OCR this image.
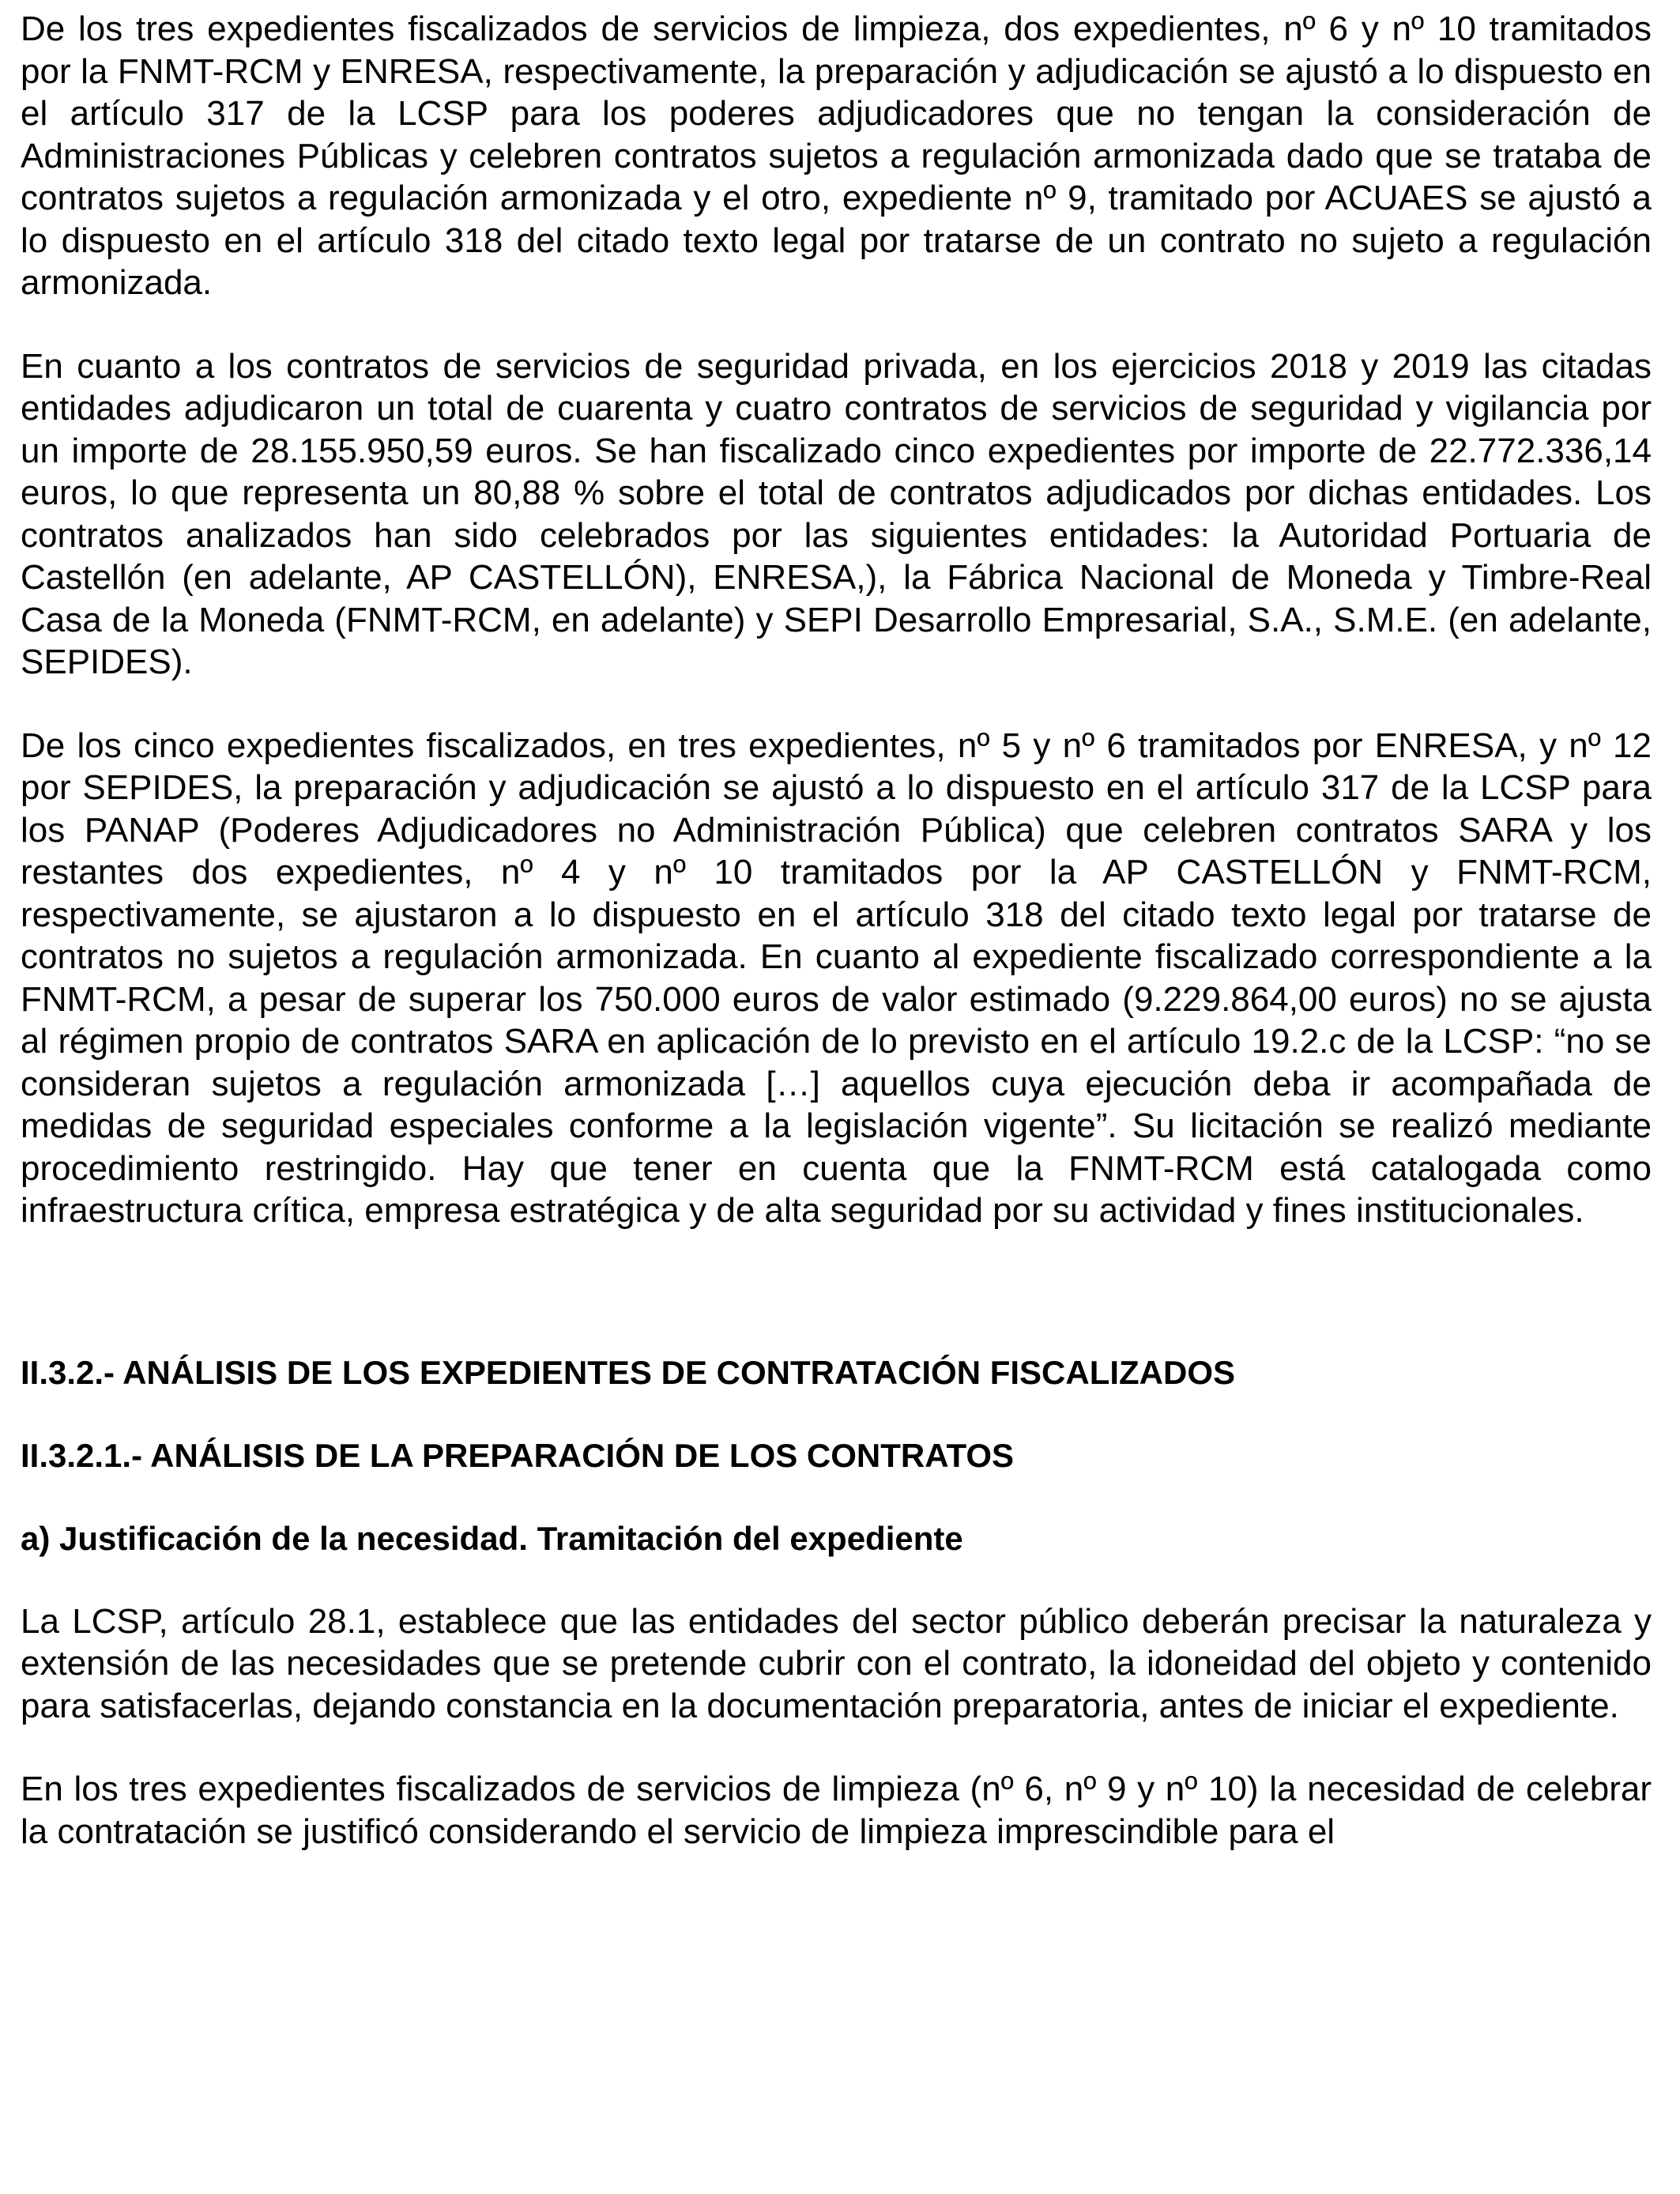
De los tres expedientes fiscalizados de servicios de limpieza, dos expedientes, nº 6 y nº 10 tramitados por la FNMT-RCM y ENRESA, respectivamente, la preparación y adjudicación se ajustó a lo dispuesto en el artículo 317 de la LCSP para los poderes adjudicadores que no tengan la consideración de Administraciones Públicas y celebren contratos sujetos a regulación armonizada dado que se trataba de contratos sujetos a regulación armonizada y el otro, expediente nº 9, tramitado por ACUAES se ajustó a lo dispuesto en el artículo 318 del citado texto legal por tratarse de un contrato no sujeto a regulación armonizada.

En cuanto a los contratos de servicios de seguridad privada, en los ejercicios 2018 y 2019 las citadas entidades adjudicaron un total de cuarenta y cuatro contratos de servicios de seguridad y vigilancia por un importe de 28.155.950,59 euros. Se han fiscalizado cinco expedientes por importe de 22.772.336,14 euros, lo que representa un 80,88 % sobre el total de contratos adjudicados por dichas entidades. Los contratos analizados han sido celebrados por las siguientes entidades: la Autoridad Portuaria de Castellón (en adelante, AP CASTELLÓN), ENRESA,), la Fábrica Nacional de Moneda y Timbre-Real Casa de la Moneda (FNMT-RCM, en adelante) y SEPI Desarrollo Empresarial, S.A., S.M.E. (en adelante, SEPIDES).

De los cinco expedientes fiscalizados, en tres expedientes, nº 5 y nº 6 tramitados por ENRESA, y nº 12 por SEPIDES, la preparación y adjudicación se ajustó a lo dispuesto en el artículo 317 de la LCSP para los PANAP (Poderes Adjudicadores no Administración Pública) que celebren contratos SARA y los restantes dos expedientes, nº 4 y nº 10 tramitados por la AP CASTELLÓN y FNMT-RCM, respectivamente, se ajustaron a lo dispuesto en el artículo 318 del citado texto legal por tratarse de contratos no sujetos a regulación armonizada. En cuanto al expediente fiscalizado correspondiente a la FNMT-RCM, a pesar de superar los 750.000 euros de valor estimado (9.229.864,00 euros) no se ajusta al régimen propio de contratos SARA en aplicación de lo previsto en el artículo 19.2.c de la LCSP: “no se consideran sujetos a regulación armonizada […] aquellos cuya ejecución deba ir acompañada de medidas de seguridad especiales conforme a la legislación vigente”. Su licitación se realizó mediante procedimiento restringido. Hay que tener en cuenta que la FNMT-RCM está catalogada como infraestructura crítica, empresa estratégica y de alta seguridad por su actividad y fines institucionales.

II.3.2.- ANÁLISIS DE LOS EXPEDIENTES DE CONTRATACIÓN FISCALIZADOS
II.3.2.1.- ANÁLISIS DE LA PREPARACIÓN DE LOS CONTRATOS
a) Justificación de la necesidad. Tramitación del expediente

La LCSP, artículo 28.1, establece que las entidades del sector público deberán precisar la naturaleza y extensión de las necesidades que se pretende cubrir con el contrato, la idoneidad del objeto y contenido para satisfacerlas, dejando constancia en la documentación preparatoria, antes de iniciar el expediente.

En los tres expedientes fiscalizados de servicios de limpieza (nº 6, nº 9 y nº 10) la necesidad de celebrar la contratación se justificó considerando el servicio de limpieza imprescindible para el
